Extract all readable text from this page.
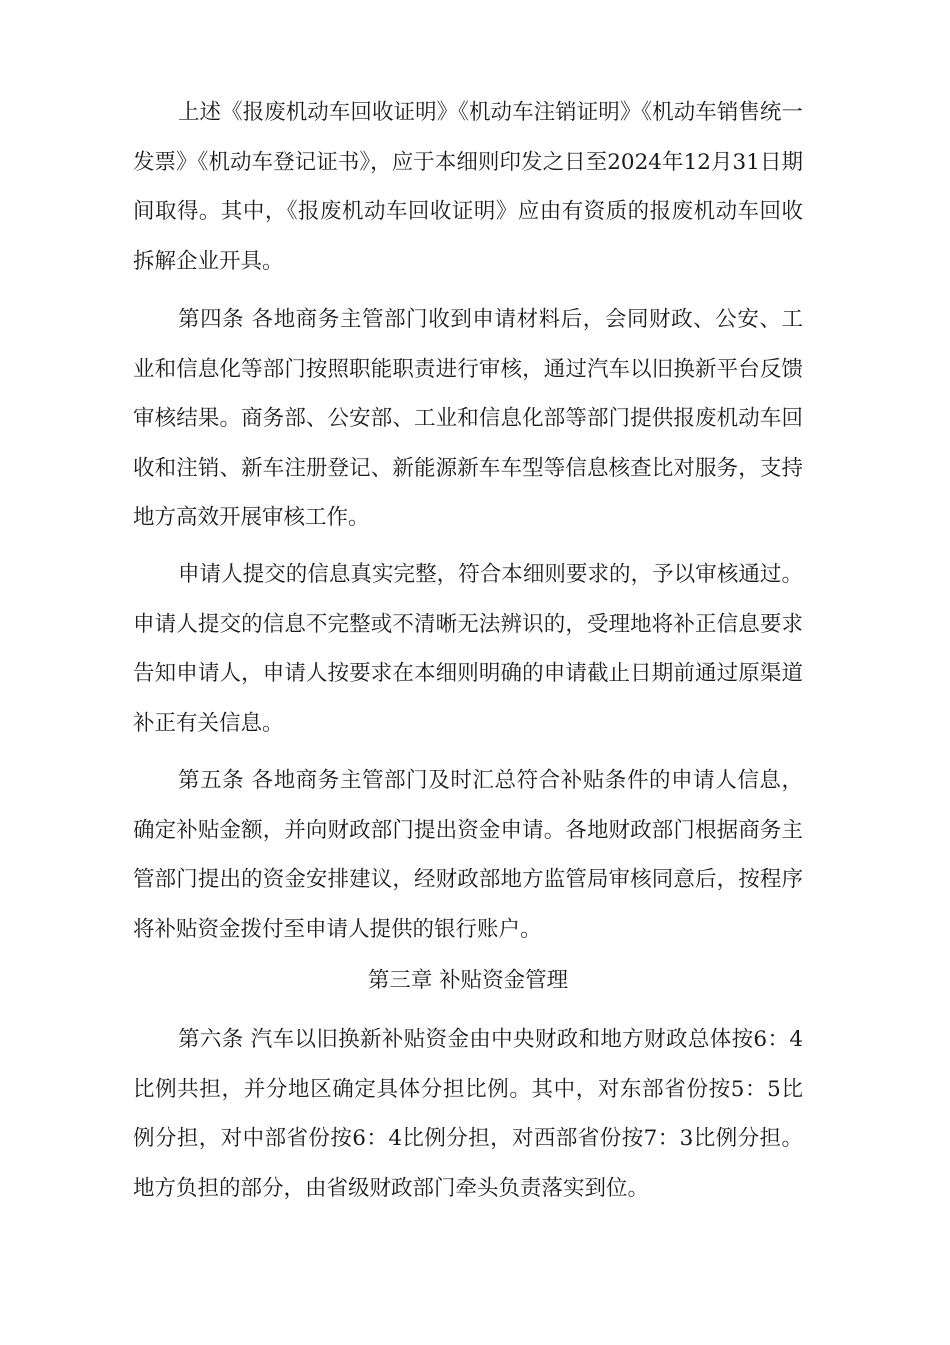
上述《报废机动车回收证明》《机动车注销证明》《机动车销售统一发票》《机动车登记证书》，应于本细则印发之日至2024年12月31日期间取得。其中，《报废机动车回收证明》应由有资质的报废机动车回收拆解企业开具。

第四条 各地商务主管部门收到申请材料后，会同财政、公安、工业和信息化等部门按照职能职责进行审核，通过汽车以旧换新平台反馈审核结果。商务部、公安部、工业和信息化部等部门提供报废机动车回收和注销、新车注册登记、新能源新车车型等信息核查比对服务，支持地方高效开展审核工作。

申请人提交的信息真实完整，符合本细则要求的，予以审核通过。申请人提交的信息不完整或不清晰无法辨识的，受理地将补正信息要求告知申请人，申请人按要求在本细则明确的申请截止日期前通过原渠道补正有关信息。

第五条 各地商务主管部门及时汇总符合补贴条件的申请人信息，确定补贴金额，并向财政部门提出资金申请。各地财政部门根据商务主管部门提出的资金安排建议，经财政部地方监管局审核同意后，按程序将补贴资金拨付至申请人提供的银行账户。

第三章 补贴资金管理

第六条 汽车以旧换新补贴资金由中央财政和地方财政总体按6：4比例共担，并分地区确定具体分担比例。其中，对东部省份按5：5比例分担，对中部省份按6：4比例分担，对西部省份按7：3比例分担。地方负担的部分，由省级财政部门牵头负责落实到位。
